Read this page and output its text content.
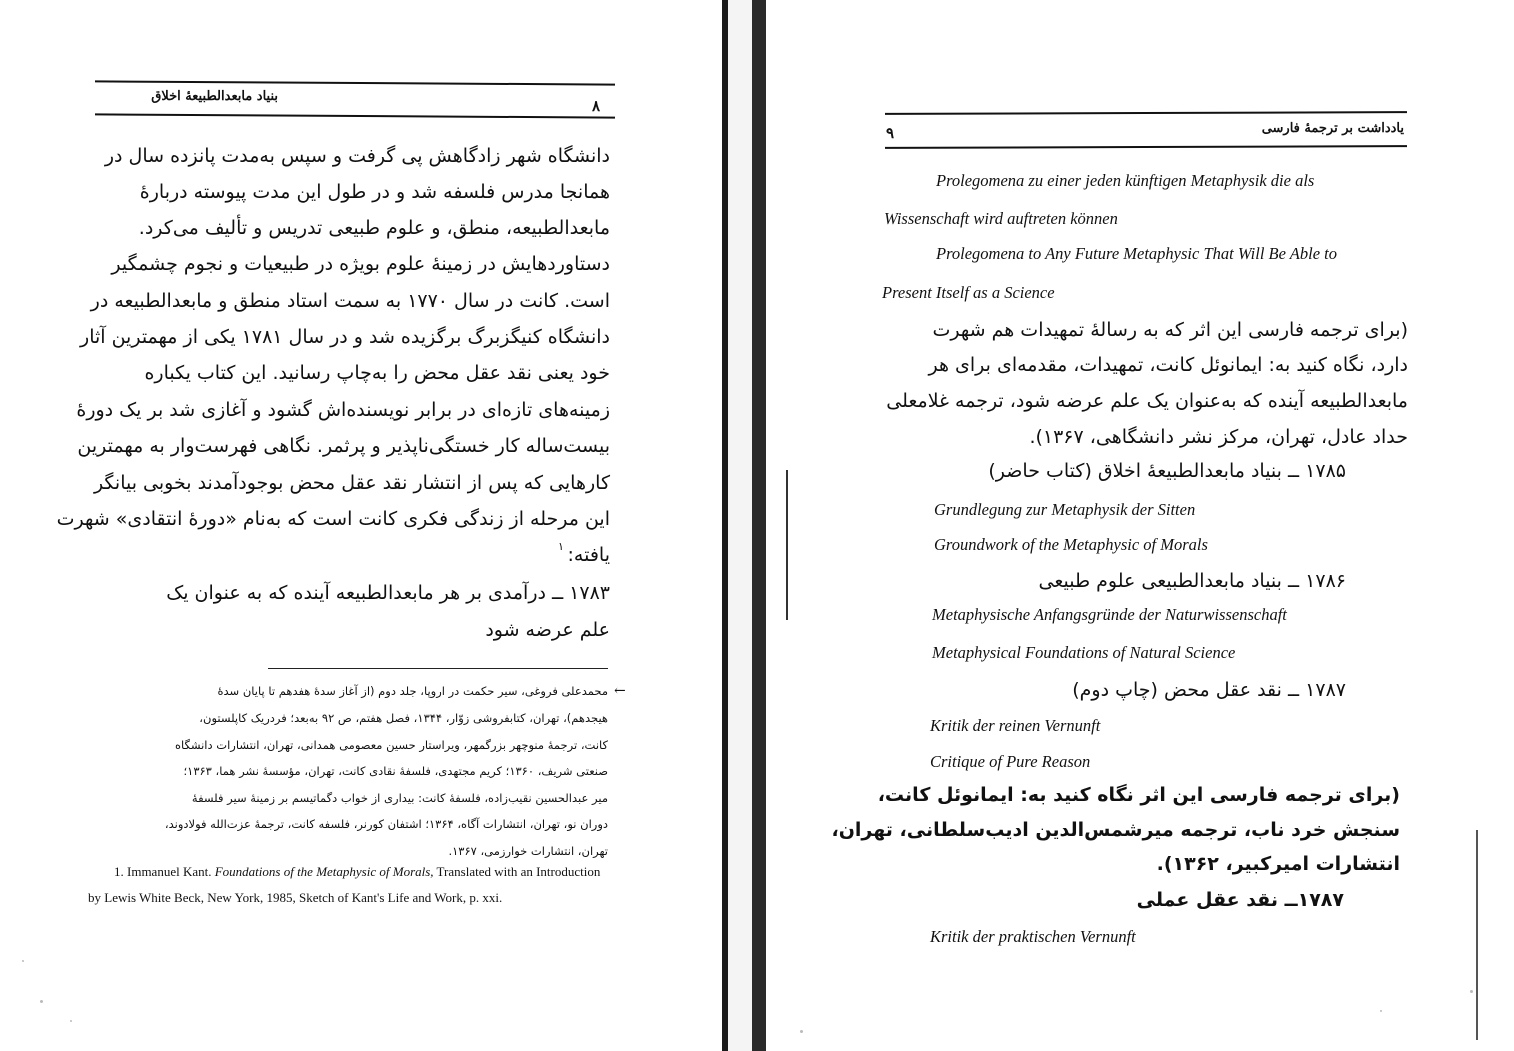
بنیاد مابعدالطبیعهٔ اخلاق
۸
دانشگاه شهر زادگاهش پی گرفت و سپس به‌مدت پانزده سال در
همانجا مدرس فلسفه شد و در طول این مدت پیوسته دربارهٔ
مابعدالطبیعه، منطق، و علوم طبیعی تدریس و تألیف می‌کرد.
دستاوردهایش در زمینهٔ علوم بویژه در طبیعیات و نجوم چشمگیر
است. کانت در سال ۱۷۷۰ به سمت استاد منطق و مابعدالطبیعه در
دانشگاه کنیگزبرگ برگزیده شد و در سال ۱۷۸۱ یکی از مهمترین آثار
خود یعنی نقد عقل محض را به‌چاپ رسانید. این کتاب یکباره
زمینه‌های تازه‌ای در برابر نویسنده‌اش گشود و آغازی شد بر یک دورهٔ
بیست‌ساله کار خستگی‌ناپذیر و پرثمر. نگاهی فهرست‌وار به مهمترین
کارهایی که پس از انتشار نقد عقل محض بوجودآمدند بخوبی بیانگر
این مرحله از زندگی فکری کانت است که به‌نام «دورهٔ انتقادی» شهرت
یافته:
۱
۱۷۸۳ ــ درآمدی بر هر مابعدالطبیعه آینده که به عنوان یک
علم عرضه شود
←
محمدعلی فروغی، سیر حکمت در اروپا، جلد دوم (از آغاز سدهٔ هفدهم تا پایان سدهٔ
هیجدهم)، تهران، کتابفروشی زوّار، ۱۳۴۴، فصل هفتم، ص ۹۲ به‌بعد؛ فردریک کاپلستون،
کانت، ترجمهٔ منوچهر بزرگمهر، ویراستار حسین معصومی همدانی، تهران، انتشارات دانشگاه
صنعتی شریف، ۱۳۶۰؛ کریم مجتهدی، فلسفهٔ نقادی کانت، تهران، مؤسسهٔ نشر هما، ۱۳۶۳؛
میر عبدالحسین نقیب‌زاده، فلسفهٔ کانت: بیداری از خواب دگماتیسم بر زمینهٔ سیر فلسفهٔ
دوران نو، تهران، انتشارات آگاه، ۱۳۶۴؛ اشتفان کورنر، فلسفه کانت، ترجمهٔ عزت‌الله فولادوند،
تهران، انتشارات خوارزمی، ۱۳۶۷.
1. Immanuel Kant. Foundations of the Metaphysic of Morals, Translated with an Introduction by Lewis White Beck, New York, 1985, Sketch of Kant's Life and Work, p. xxi.
یادداشت بر ترجمهٔ فارسی
۹
Prolegomena zu einer jeden künftigen Metaphysik die als
Wissenschaft wird auftreten können
Prolegomena to Any Future Metaphysic That Will Be Able to
Present Itself as a Science
(برای ترجمه فارسی این اثر که به رسالهٔ تمهیدات هم شهرت
دارد، نگاه کنید به: ایمانوئل کانت، تمهیدات، مقدمه‌ای برای هر
مابعدالطبیعه آینده که به‌عنوان یک علم عرضه شود، ترجمه غلامعلی
حداد عادل، تهران، مرکز نشر دانشگاهی، ۱۳۶۷).
۱۷۸۵ ــ بنیاد مابعدالطبیعهٔ اخلاق (کتاب حاضر)
Grundlegung zur Metaphysik der Sitten
Groundwork of the Metaphysic of Morals
۱۷۸۶ ــ بنیاد مابعدالطبیعی علوم طبیعی
Metaphysische Anfangsgründe der Naturwissenschaft
Metaphysical Foundations of Natural Science
۱۷۸۷ ــ نقد عقل محض (چاپ دوم)
Kritik der reinen Vernunft
Critique of Pure Reason
(برای ترجمه فارسی این اثر نگاه کنید به: ایمانوئل کانت،
سنجش خرد ناب، ترجمه میرشمس‌الدین ادیب‌سلطانی، تهران،
انتشارات امیرکبیر، ۱۳۶۲).
۱۷۸۷ــ نقد عقل عملی
Kritik der praktischen Vernunft
